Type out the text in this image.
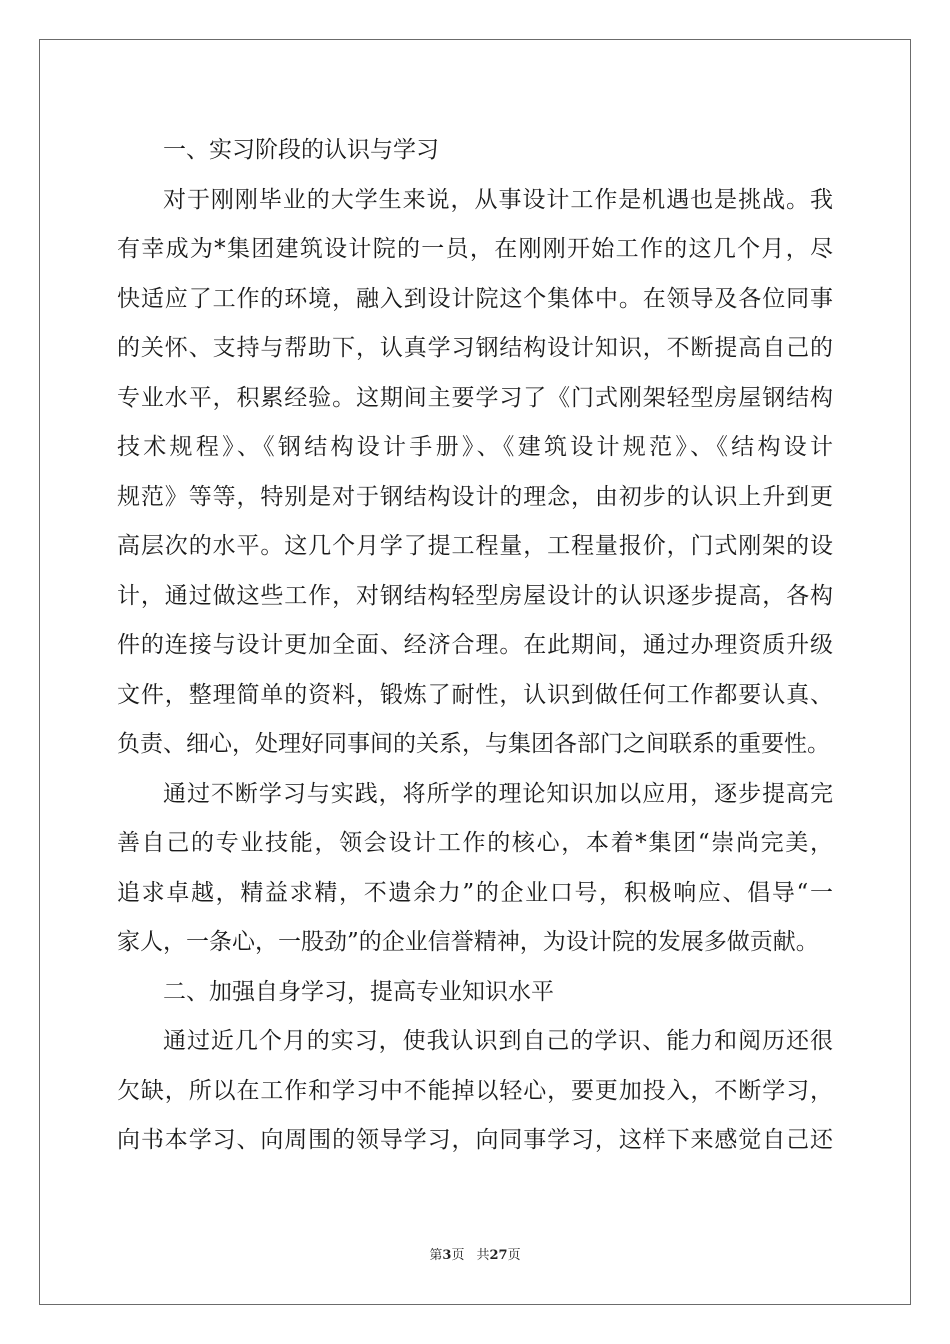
一、实习阶段的认识与学习
对于刚刚毕业的大学生来说，从事设计工作是机遇也是挑战。我
有幸成为*集团建筑设计院的一员，在刚刚开始工作的这几个月，尽
快适应了工作的环境，融入到设计院这个集体中。在领导及各位同事
的关怀、支持与帮助下，认真学习钢结构设计知识，不断提高自己的
专业水平，积累经验。这期间主要学习了《门式刚架轻型房屋钢结构
技术规程》、《钢结构设计手册》、《建筑设计规范》、《结构设计
规范》等等，特别是对于钢结构设计的理念，由初步的认识上升到更
高层次的水平。这几个月学了提工程量，工程量报价，门式刚架的设
计，通过做这些工作，对钢结构轻型房屋设计的认识逐步提高，各构
件的连接与设计更加全面、经济合理。在此期间，通过办理资质升级
文件，整理简单的资料，锻炼了耐性，认识到做任何工作都要认真、
负责、细心，处理好同事间的关系，与集团各部门之间联系的重要性。
通过不断学习与实践，将所学的理论知识加以应用，逐步提高完
善自己的专业技能，领会设计工作的核心，本着*集团“崇尚完美，
追求卓越，精益求精，不遗余力”的企业口号，积极响应、倡导“一
家人，一条心，一股劲”的企业信誉精神，为设计院的发展多做贡献。
二、加强自身学习，提高专业知识水平
通过近几个月的实习，使我认识到自己的学识、能力和阅历还很
欠缺，所以在工作和学习中不能掉以轻心，要更加投入，不断学习，
向书本学习、向周围的领导学习，向同事学习，这样下来感觉自己还
第3页 共27页
